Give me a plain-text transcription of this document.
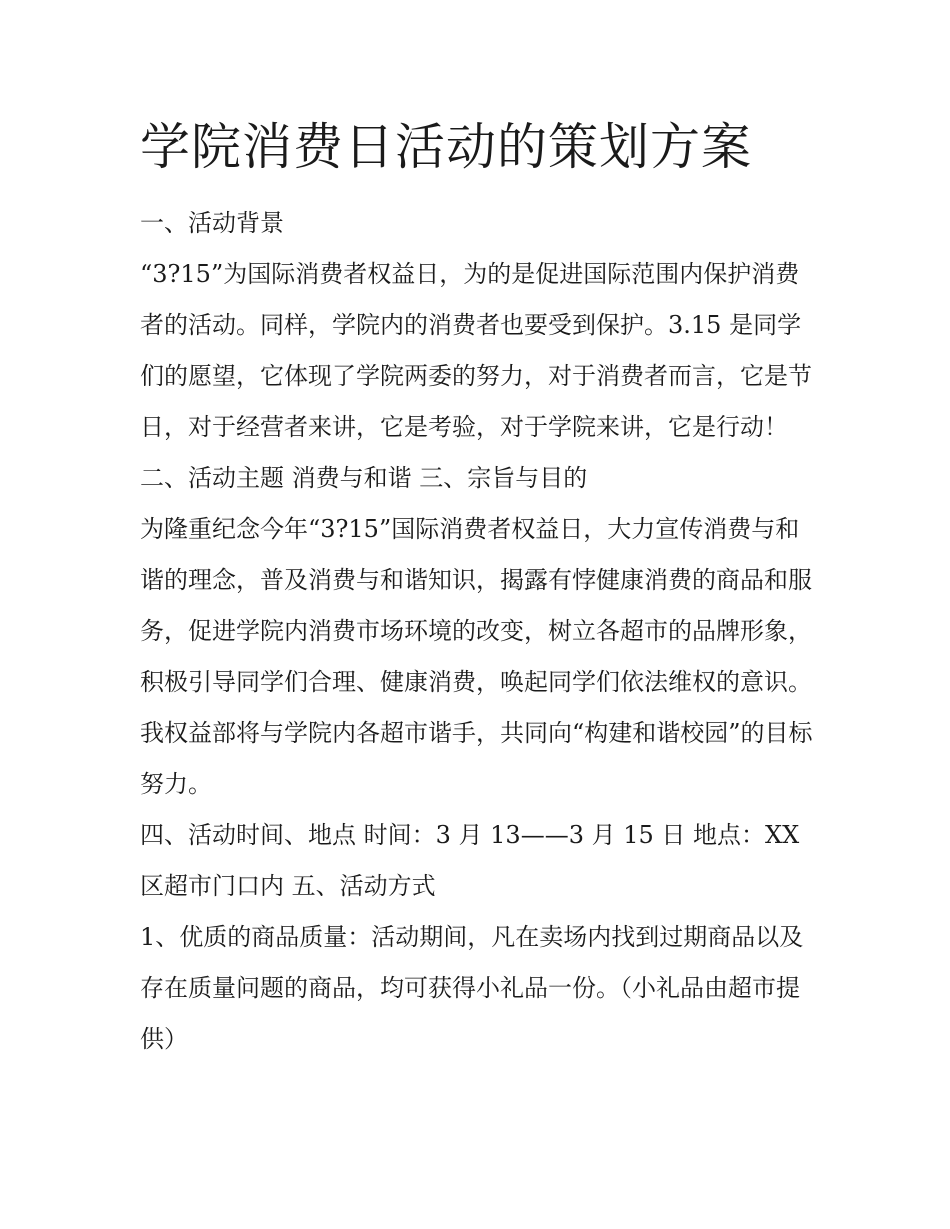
学院消费日活动的策划方案

一、活动背景

“3?15”为国际消费者权益日，为的是促进国际范围内保护消费者的活动。同样，学院内的消费者也要受到保护。3.15 是同学们的愿望，它体现了学院两委的努力，对于消费者而言，它是节日，对于经营者来讲，它是考验，对于学院来讲，它是行动！

二、活动主题 消费与和谐 三、宗旨与目的

为隆重纪念今年“3?15”国际消费者权益日，大力宣传消费与和谐的理念，普及消费与和谐知识，揭露有悖健康消费的商品和服务，促进学院内消费市场环境的改变，树立各超市的品牌形象，积极引导同学们合理、健康消费，唤起同学们依法维权的意识。我权益部将与学院内各超市谐手，共同向“构建和谐校园”的目标努力。

四、活动时间、地点 时间：3 月 13——3 月 15 日 地点：XX 区超市门口内 五、活动方式

1、优质的商品质量：活动期间，凡在卖场内找到过期商品以及存在质量问题的商品，均可获得小礼品一份。（小礼品由超市提供）
